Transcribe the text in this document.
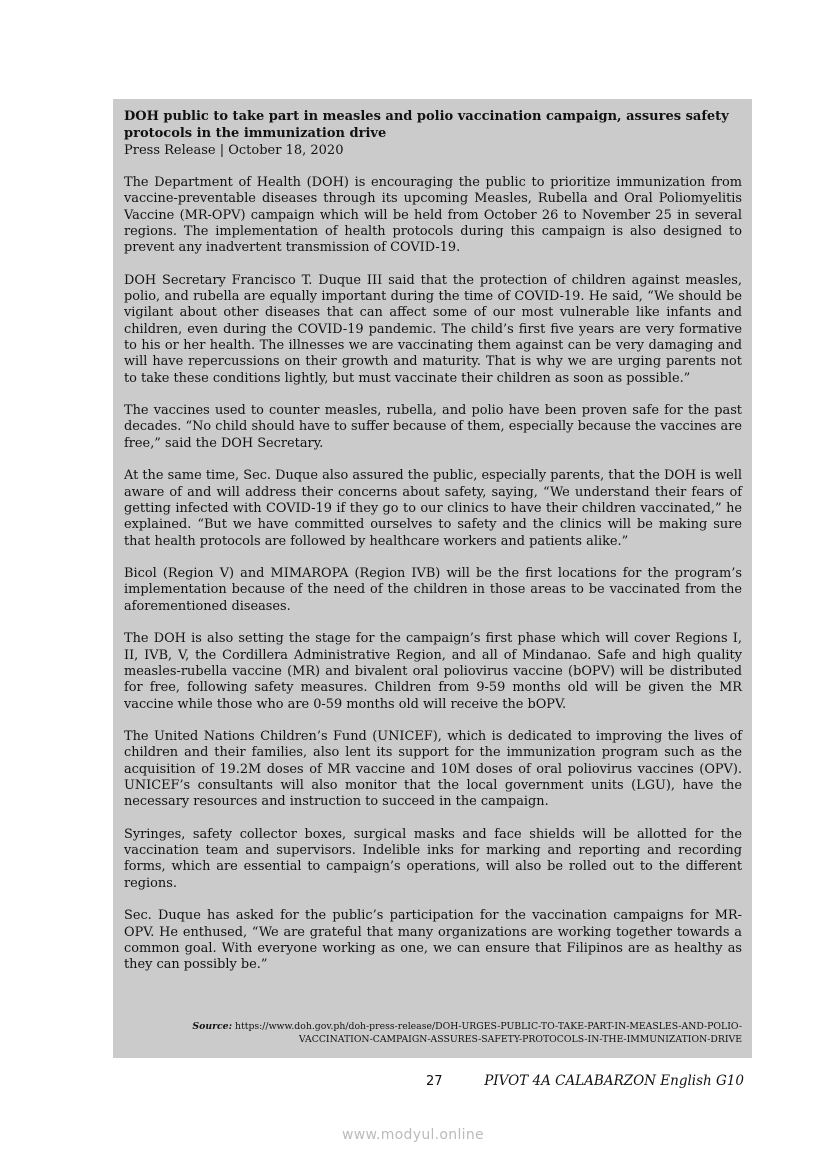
DOH public to take part in measles and polio vaccination campaign, assures safety protocols in the immunization drive
Press Release | October 18, 2020

The Department of Health (DOH) is encouraging the public to prioritize immunization from vaccine-preventable diseases through its upcoming Measles, Rubella and Oral Poliomyelitis Vaccine (MR-OPV) campaign which will be held from October 26 to November 25 in several regions. The implementation of health protocols during this campaign is also designed to prevent any inadvertent transmission of COVID-19.

DOH Secretary Francisco T. Duque III said that the protection of children against measles, polio, and rubella are equally important during the time of COVID-19. He said, “We should be vigilant about other diseases that can affect some of our most vulnerable like infants and children, even during the COVID-19 pandemic. The child’s first five years are very formative to his or her health. The illnesses we are vaccinating them against can be very damaging and will have repercussions on their growth and maturity. That is why we are urging parents not to take these conditions lightly, but must vaccinate their children as soon as possible.”

The vaccines used to counter measles, rubella, and polio have been proven safe for the past decades. “No child should have to suffer because of them, especially because the vaccines are free,” said the DOH Secretary.

At the same time, Sec. Duque also assured the public, especially parents, that the DOH is well aware of and will address their concerns about safety, saying, “We understand their fears of getting infected with COVID-19 if they go to our clinics to have their children vaccinated,” he explained. “But we have committed ourselves to safety and the clinics will be making sure that health protocols are followed by healthcare workers and patients alike.”

Bicol (Region V) and MIMAROPA (Region IVB) will be the first locations for the program’s implementation because of the need of the children in those areas to be vaccinated from the aforementioned diseases.

The DOH is also setting the stage for the campaign’s first phase which will cover Regions I, II, IVB, V, the Cordillera Administrative Region, and all of Mindanao. Safe and high quality measles-rubella vaccine (MR) and bivalent oral poliovirus vaccine (bOPV) will be distributed for free, following safety measures. Children from 9-59 months old will be given the MR vaccine while those who are 0-59 months old will receive the bOPV.

The United Nations Children’s Fund (UNICEF), which is dedicated to improving the lives of children and their families, also lent its support for the immunization program such as the acquisition of 19.2M doses of MR vaccine and 10M doses of oral poliovirus vaccines (OPV). UNICEF’s consultants will also monitor that the local government units (LGU), have the necessary resources and instruction to succeed in the campaign.

Syringes, safety collector boxes, surgical masks and face shields will be allotted for the vaccination team and supervisors. Indelible inks for marking and reporting and recording forms, which are essential to campaign’s operations, will also be rolled out to the different regions.

Sec. Duque has asked for the public’s participation for the vaccination campaigns for MR-OPV. He enthused, “We are grateful that many organizations are working together towards a common goal. With everyone working as one, we can ensure that Filipinos are as healthy as they can possibly be.”

Source: https://www.doh.gov.ph/doh-press-release/DOH-URGES-PUBLIC-TO-TAKE-PART-IN-MEASLES-AND-POLIO-
VACCINATION-CAMPAIGN-ASSURES-SAFETY-PROTOCOLS-IN-THE-IMMUNIZATION-DRIVE
27	PIVOT 4A CALABARZON English G10
www.modyul.online
